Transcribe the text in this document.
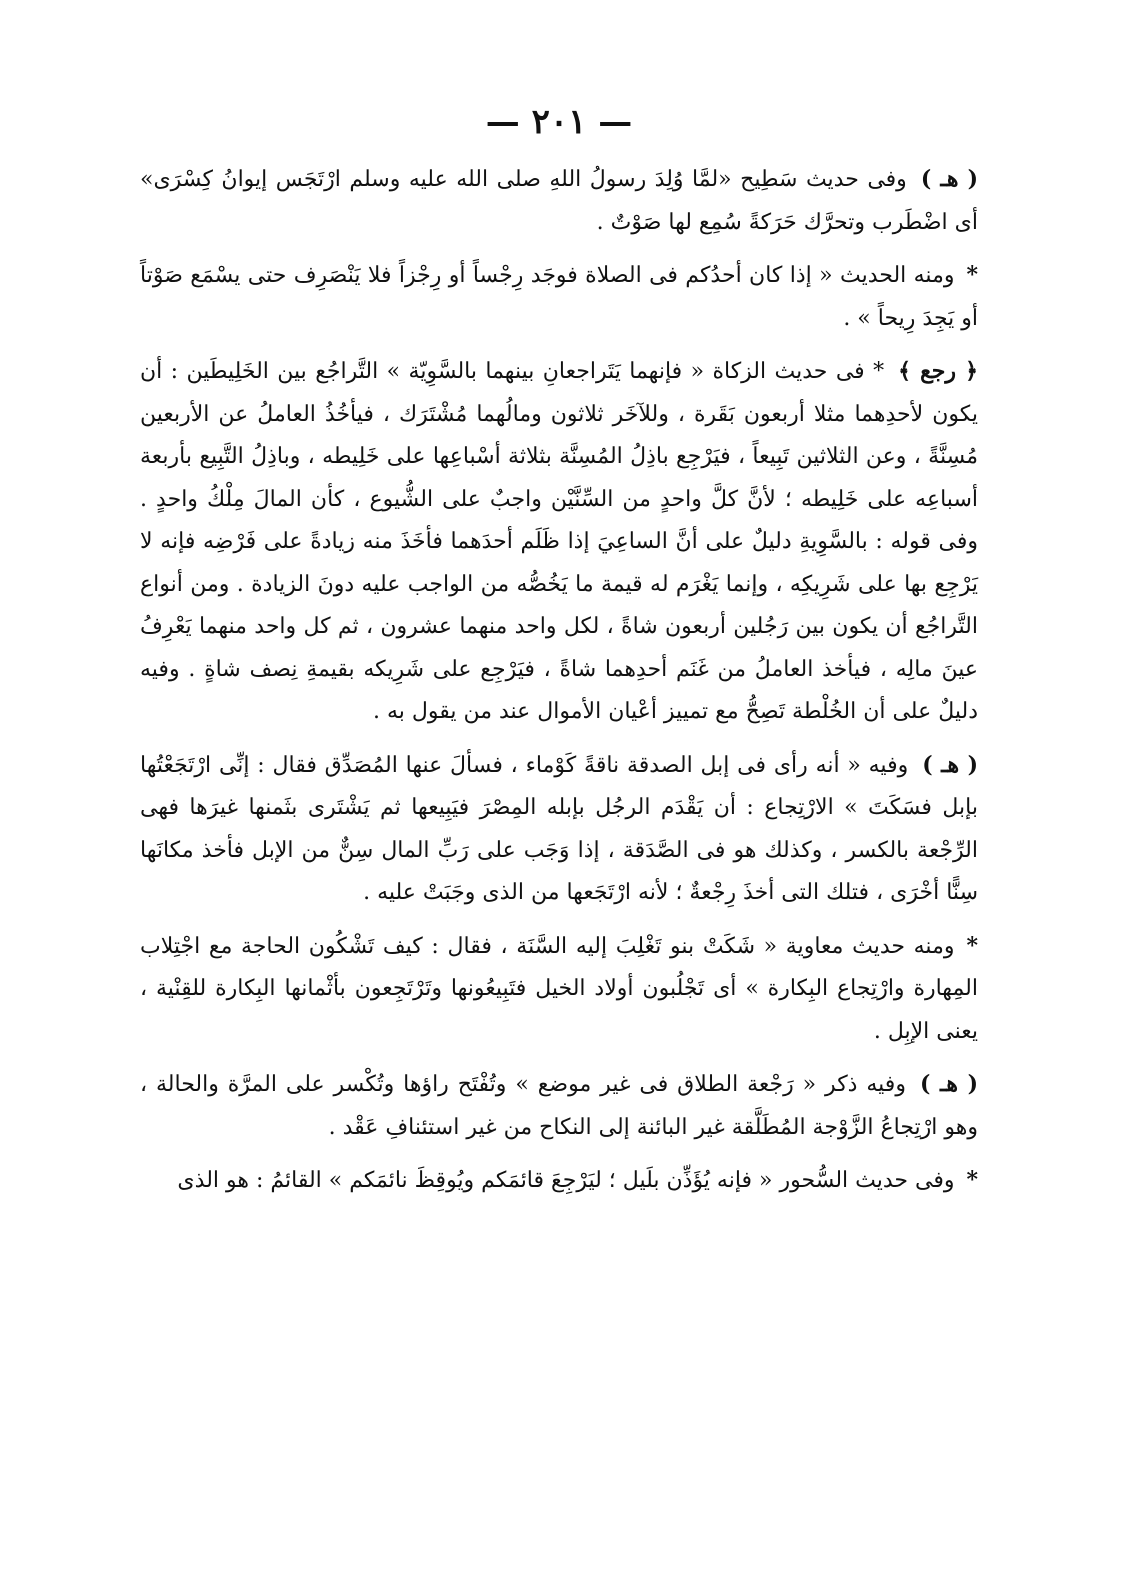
— ٢٠١ —

( هـ )وفى حديث سَطِيح «لمَّا وُلِدَ رسولُ اللهِ صلى الله عليه وسلم ارْتَجَس إيوانُ كِسْرَى» أى اضْطَرب وتحرَّك حَرَكةً سُمِع لها صَوْتٌ .

*ومنه الحديث « إذا كان أحدُكم فى الصلاة فوجَد رِجْساً أو رِجْزاً فلا يَنْصَرِف حتى يسْمَع صَوْتاً أو يَجِدَ رِيحاً » .

﴿ رجع ﴾* فى حديث الزكاة « فإنهما يَتَراجعانِ بينهما بالسَّوِيّة » التَّراجُع بين الخَلِيطَين : أن يكون لأحدِهما مثلا أربعون بَقَرة ، وللآخَر ثلاثون ومالُهما مُشْتَرَك ، فيأخُذُ العاملُ عن الأربعين مُسِنَّةً ، وعن الثلاثين تَبِيعاً ، فيَرْجِع باذِلُ المُسِنَّة بثلاثة أسْباعِها على خَلِيطه ، وباذِلُ التَّبِيع بأربعة أسباعِه على خَلِيطه ؛ لأنَّ كلَّ واحدٍ من السِّنَّيْن واجبٌ على الشُّيوع ، كأن المالَ مِلْكُ واحدٍ . وفى قوله : بالسَّوِيةِ دليلٌ على أنَّ الساعِيَ إذا ظَلَم أحدَهما فأخَذَ منه زيادةً على فَرْضِه فإنه لا يَرْجِع بها على شَرِيكِه ، وإنما يَغْرَم له قيمة ما يَخُصُّه من الواجب عليه دونَ الزيادة . ومن أنواع التَّراجُع أن يكون بين رَجُلين أربعون شاةً ، لكل واحد منهما عشرون ، ثم كل واحد منهما يَعْرِفُ عينَ مالِه ، فيأخذ العاملُ من غَنَم أحدِهما شاةً ، فيَرْجِع على شَرِيكه بقيمةِ نِصف شاةٍ . وفيه دليلٌ على أن الخُلْطة تَصِحُّ مع تمييز أعْيان الأموال عند من يقول به .

( هـ )وفيه « أنه رأى فى إبل الصدقة ناقةً كَوْماء ، فسألَ عنها المُصَدِّق فقال : إنِّى ارْتَجَعْتُها بإبل فسَكَتَ » الارْتِجاع : أن يَقْدَم الرجُل بإبله المِصْرَ فيَبِيعها ثم يَشْتَرى بثَمنها غيرَها فهى الرِّجْعة بالكسر ، وكذلك هو فى الصَّدَقة ، إذا وَجَب على رَبِّ المال سِنٌّ من الإبل فأخذ مكانَها سِنًّا أخْرَى ، فتلك التى أخذَ رِجْعةٌ ؛ لأنه ارْتَجَعها من الذى وجَبَتْ عليه .

*ومنه حديث معاوية « شَكَتْ بنو تَغْلِبَ إليه السَّنَة ، فقال : كيف تَشْكُون الحاجة مع اجْتِلاب المِهارة وارْتِجاع البِكارة » أى تَجْلُبون أولاد الخيل فتَبِيعُونها وتَرْتَجِعون بأثْمانها البِكارة للقِنْية ، يعنى الإبِل .

( هـ )وفيه ذكر « رَجْعة الطلاق فى غير موضع » وتُفْتَح راؤها وتُكْسر على المرَّة والحالة ، وهو ارْتِجاعُ الزَّوْجة المُطَلَّقة غير البائنة إلى النكاح من غير استئنافِ عَقْد .

*وفى حديث السُّحور « فإنه يُؤَذِّن بلَيل ؛ ليَرْجِعَ قائمَكم ويُوقِظَ نائمَكم » القائمُ : هو الذى
